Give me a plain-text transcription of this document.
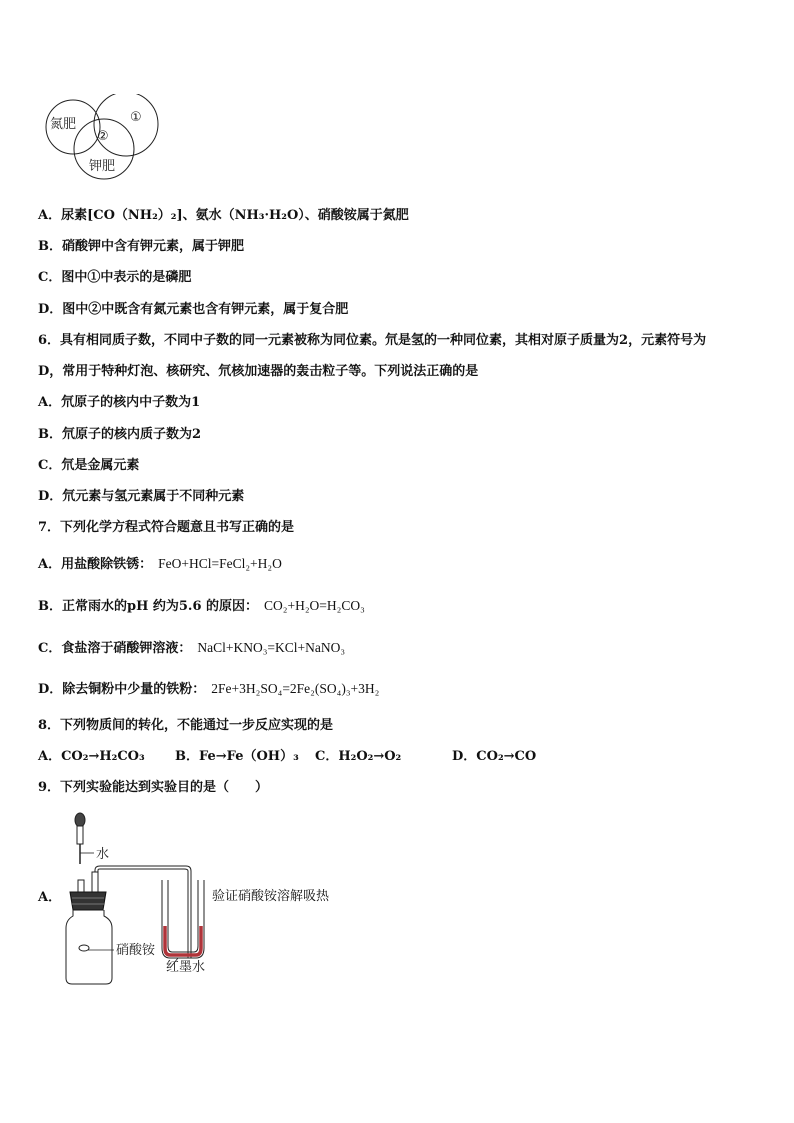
氮肥	①
②
钾肥
A．尿素[CO（NH₂）₂]、氨水（NH₃·H₂O）、硝酸铵属于氮肥
B．硝酸钾中含有钾元素，属于钾肥
C．图中①中表示的是磷肥
D．图中②中既含有氮元素也含有钾元素，属于复合肥
6．具有相同质子数，不同中子数的同一元素被称为同位素。氘是氢的一种同位素，其相对原子质量为2，元素符号为
D，常用于特种灯泡、核研究、氘核加速器的轰击粒子等。下列说法正确的是
A．氘原子的核内中子数为1
B．氘原子的核内质子数为2
C．氘是金属元素
D．氘元素与氢元素属于不同种元素
7．下列化学方程式符合题意且书写正确的是
A．用盐酸除铁锈： FeO+HCl=FeCl₂+H₂O
B．正常雨水的pH 约为5.6 的原因： CO₂+H₂O=H₂CO₃
C．食盐溶于硝酸钾溶液： NaCl+KNO₃=KCl+NaNO₃
D．除去铜粉中少量的铁粉： 2Fe+3H₂SO₄=2Fe₂(SO₄)₃+3H₂
8．下列物质间的转化，不能通过一步反应实现的是
A．CO₂→H₂CO₃ B．Fe→Fe（OH）₃ C．H₂O₂→O₂	D．CO₂→CO
9．下列实验能达到实验目的是（　　）
A．	验证硝酸铵溶解吸热
水
硝酸铵
红墨水
